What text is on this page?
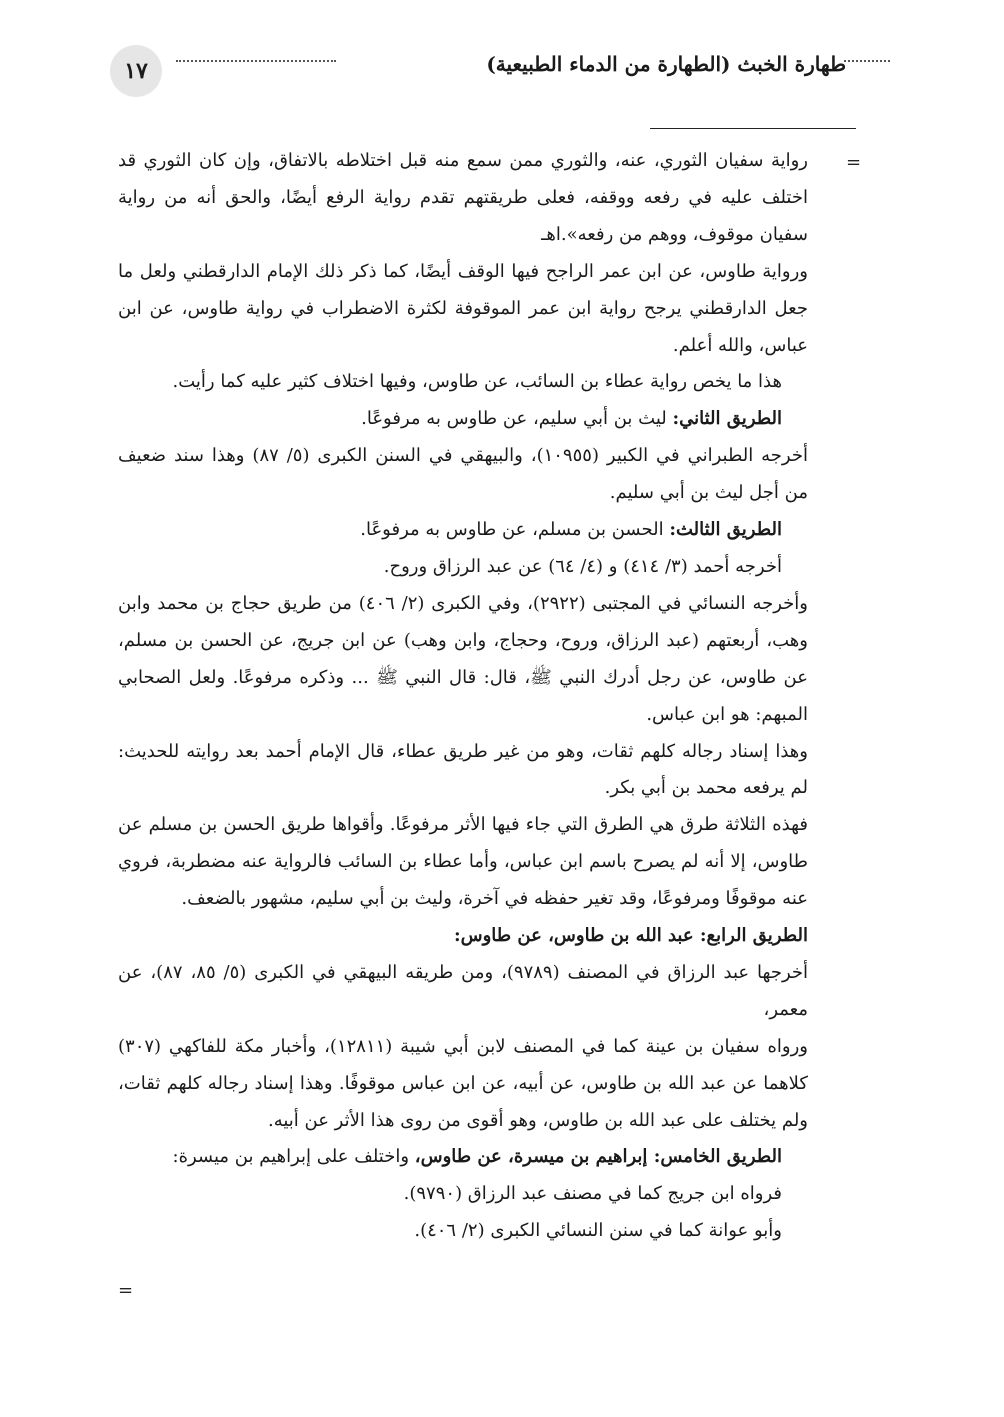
١٧	طهارة الخبث (الطهارة من الدماء الطبيعية)
=

رواية سفيان الثوري، عنه، والثوري ممن سمع منه قبل اختلاطه بالاتفاق، وإن كان الثوري قد اختلف عليه في رفعه ووقفه، فعلى طريقتهم تقدم رواية الرفع أيضًا، والحق أنه من رواية سفيان موقوف، ووهم من رفعه».اهـ

ورواية طاوس، عن ابن عمر الراجح فيها الوقف أيضًا، كما ذكر ذلك الإمام الدارقطني ولعل ما جعل الدارقطني يرجح رواية ابن عمر الموقوفة لكثرة الاضطراب في رواية طاوس، عن ابن عباس، والله أعلم.

هذا ما يخص رواية عطاء بن السائب، عن طاوس، وفيها اختلاف كثير عليه كما رأيت.

الطريق الثاني: ليث بن أبي سليم، عن طاوس به مرفوعًا.

أخرجه الطبراني في الكبير (١٠٩٥٥)، والبيهقي في السنن الكبرى (٥/ ٨٧) وهذا سند ضعيف من أجل ليث بن أبي سليم.

الطريق الثالث: الحسن بن مسلم، عن طاوس به مرفوعًا.

أخرجه أحمد (٣/ ٤١٤) و (٤/ ٦٤) عن عبد الرزاق وروح.

وأخرجه النسائي في المجتبى (٢٩٢٢)، وفي الكبرى (٢/ ٤٠٦) من طريق حجاج بن محمد وابن وهب، أربعتهم (عبد الرزاق، وروح، وحجاج، وابن وهب) عن ابن جريج، عن الحسن بن مسلم، عن طاوس، عن رجل أدرك النبي ﷺ، قال: قال النبي ﷺ ... وذكره مرفوعًا. ولعل الصحابي المبهم: هو ابن عباس.

وهذا إسناد رجاله كلهم ثقات، وهو من غير طريق عطاء، قال الإمام أحمد بعد روايته للحديث: لم يرفعه محمد بن أبي بكر.

فهذه الثلاثة طرق هي الطرق التي جاء فيها الأثر مرفوعًا. وأقواها طريق الحسن بن مسلم عن طاوس، إلا أنه لم يصرح باسم ابن عباس، وأما عطاء بن السائب فالرواية عنه مضطربة، فروي عنه موقوفًا ومرفوعًا، وقد تغير حفظه في آخرة، وليث بن أبي سليم، مشهور بالضعف.

الطريق الرابع: عبد الله بن طاوس، عن طاوس:

أخرجها عبد الرزاق في المصنف (٩٧٨٩)، ومن طريقه البيهقي في الكبرى (٥/ ٨٥، ٨٧)، عن معمر،

ورواه سفيان بن عينة كما في المصنف لابن أبي شيبة (١٢٨١١)، وأخبار مكة للفاكهي (٣٠٧) كلاهما عن عبد الله بن طاوس، عن أبيه، عن ابن عباس موقوفًا. وهذا إسناد رجاله كلهم ثقات، ولم يختلف على عبد الله بن طاوس، وهو أقوى من روى هذا الأثر عن أبيه.

الطريق الخامس: إبراهيم بن ميسرة، عن طاوس، واختلف على إبراهيم بن ميسرة:

فرواه ابن جريج كما في مصنف عبد الرزاق (٩٧٩٠).

وأبو عوانة كما في سنن النسائي الكبرى (٢/ ٤٠٦).

=
